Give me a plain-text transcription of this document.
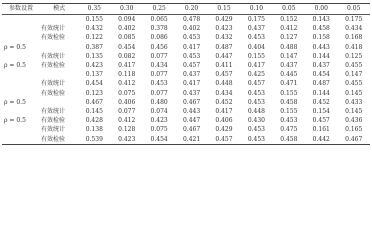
参数设置	模式	0.35	0.30	0.25	0.20	0.15	0.10	0.05	0.00	0.05
		0.155	0.094	0.065	0.478	0.429	0.175	0.152	0.143	0.175
	有效统计	0.432	0.402	0.378	0.402	0.423	0.437	0.412	0.458	0.434
	有效检验	0.122	0.085	0.086	0.453	0.432	0.453	0.127	0.158	0.168
ρ = 0.5		0.387	0.454	0.456	0.417	0.487	0.404	0.488	0.443	0.418
	有效统计	0.135	0.082	0.077	0.453	0.447	0.155	0.147	0.144	0.125
ρ = 0.5	有效检验	0.423	0.417	0.434	0.457	0.411	0.417	0.437	0.437	0.455
		0.137	0.118	0.077	0.437	0.457	0.425	0.445	0.454	0.147
	有效统计	0.454	0.412	0.453	0.417	0.448	0.457	0.471	0.487	0.455
	有效检验	0.123	0.075	0.077	0.437	0.434	0.453	0.155	0.144	0.145
ρ = 0.5		0.467	0.406	0.480	0.467	0.452	0.453	0.458	0.452	0.433
	有效统计	0.145	0.077	0.074	0.443	0.417	0.448	0.155	0.154	0.145
ρ = 0.5	有效检验	0.428	0.412	0.423	0.447	0.406	0.430	0.453	0.457	0.436
	有效统计	0.138	0.128	0.075	0.467	0.429	0.453	0.475	0.161	0.165
	有效检验	0.539	0.423	0.454	0.421	0.457	0.453	0.458	0.442	0.467
